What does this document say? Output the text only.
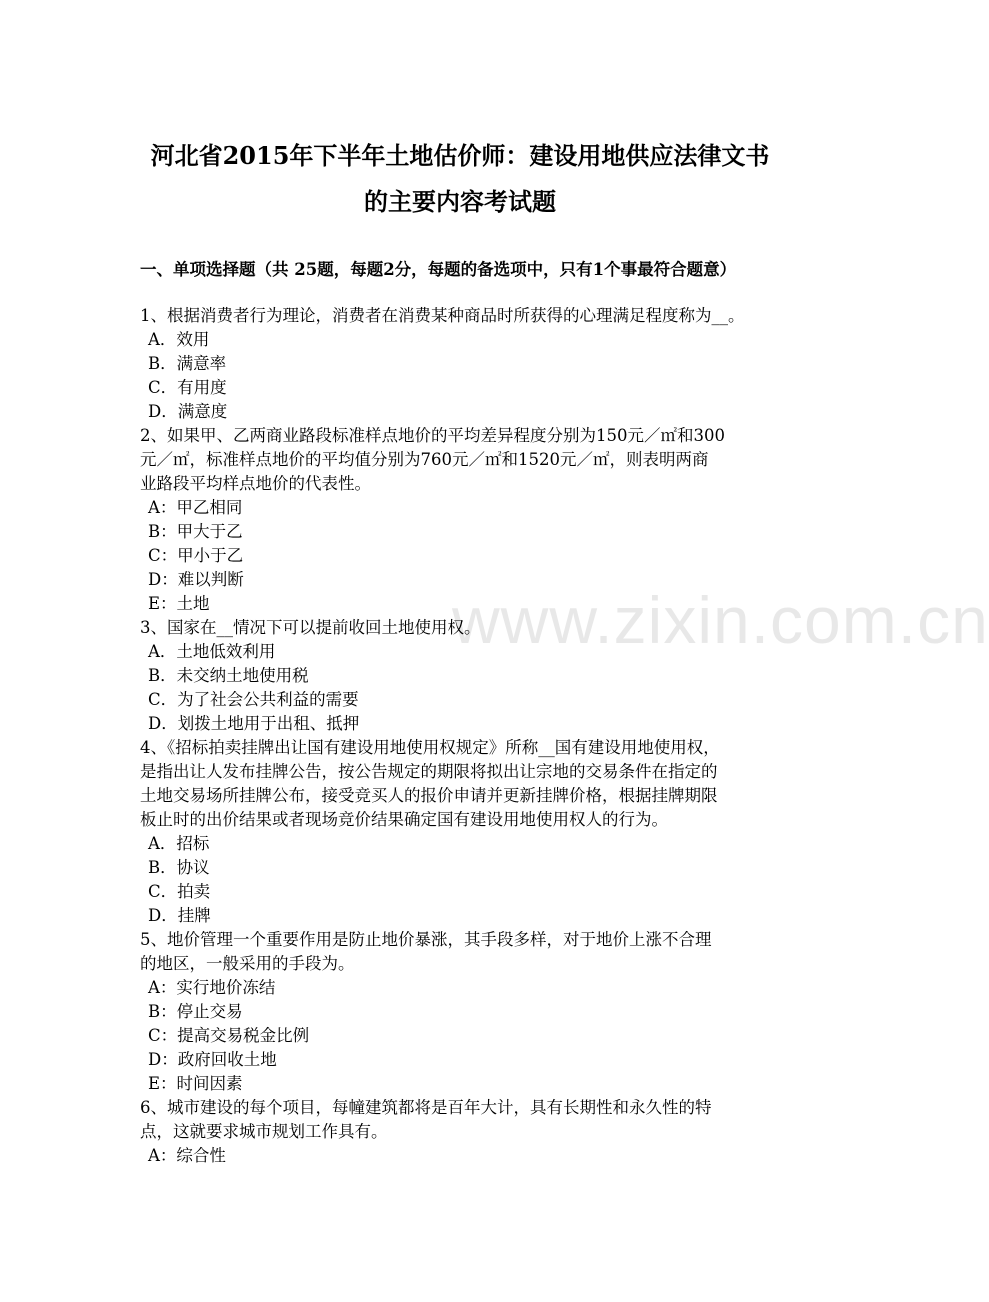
www.zixin.com.cn
河北省2015年下半年土地估价师：建设用地供应法律文书
的主要内容考试题
一、单项选择题（共 25题，每题2分，每题的备选项中，只有1个事最符合题意）
1、根据消费者行为理论，消费者在消费某种商品时所获得的心理满足程度称为__。
A．效用
B．满意率
C．有用度
D．满意度
2、如果甲、乙两商业路段标准样点地价的平均差异程度分别为150元／㎡和300
元／㎡，标准样点地价的平均值分别为760元／㎡和1520元／㎡，则表明两商
业路段平均样点地价的代表性。
A：甲乙相同
B：甲大于乙
C：甲小于乙
D：难以判断
E：土地
3、国家在__情况下可以提前收回土地使用权。
A．土地低效利用
B．未交纳土地使用税
C．为了社会公共利益的需要
D．划拨土地用于出租、抵押
4、《招标拍卖挂牌出让国有建设用地使用权规定》所称__国有建设用地使用权，
是指出让人发布挂牌公告，按公告规定的期限将拟出让宗地的交易条件在指定的
土地交易场所挂牌公布，接受竞买人的报价申请并更新挂牌价格，根据挂牌期限
板止时的出价结果或者现场竞价结果确定国有建设用地使用权人的行为。
A．招标
B．协议
C．拍卖
D．挂牌
5、地价管理一个重要作用是防止地价暴涨，其手段多样，对于地价上涨不合理
的地区，一般采用的手段为。
A：实行地价冻结
B：停止交易
C：提高交易税金比例
D：政府回收土地
E：时间因素
6、城市建设的每个项目，每幢建筑都将是百年大计，具有长期性和永久性的特
点，这就要求城市规划工作具有。
A：综合性
